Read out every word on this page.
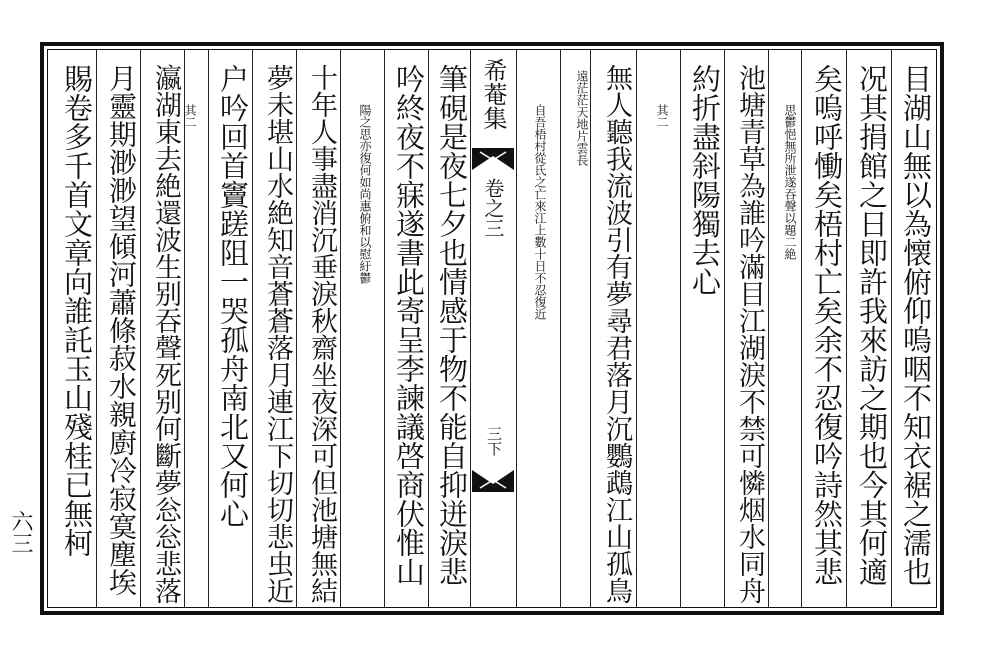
目湖山無以為懐俯仰嗚咽不知衣裾之濡也

况其捐館之日即許我來訪之期也今其何適

矣嗚呼慟矣梧村亡矣余不忍復吟詩然其悲

思鬱悒無所泄遂吞聲以題二絶

池塘青草為誰吟滿目江湖淚不禁可憐烟水同舟

約折盡斜陽獨去心

其二

無人聽我流波引有夢尋君落月沉鸚鵡江山孤鳥

遠茫茫天地片雲長

自吾梧村從氏之亡來江上數十日不忍復近

希菴集

卷之三

三下

筆硯是夜七夕也情感于物不能自抑迸淚悲

吟終夜不寐遂書此寄呈李諫議啓商伏惟山

陽之思亦復何如尚惠俯和以慰紆鬱

十年人事盡消沉垂淚秋齋坐夜深可但池塘無結

夢未堪山水絶知音蒼蒼落月連江下切切悲虫近

户吟回首竇蹉阻一哭孤舟南北又何心

其二

瀛湖東去絶還波生别吞聲死别何斷夢忩忩悲落

月靈期渺渺望傾河蕭條菽水親廚冷寂寞塵埃

賜卷多千首文章向誰託玉山殘桂已無柯

六三
